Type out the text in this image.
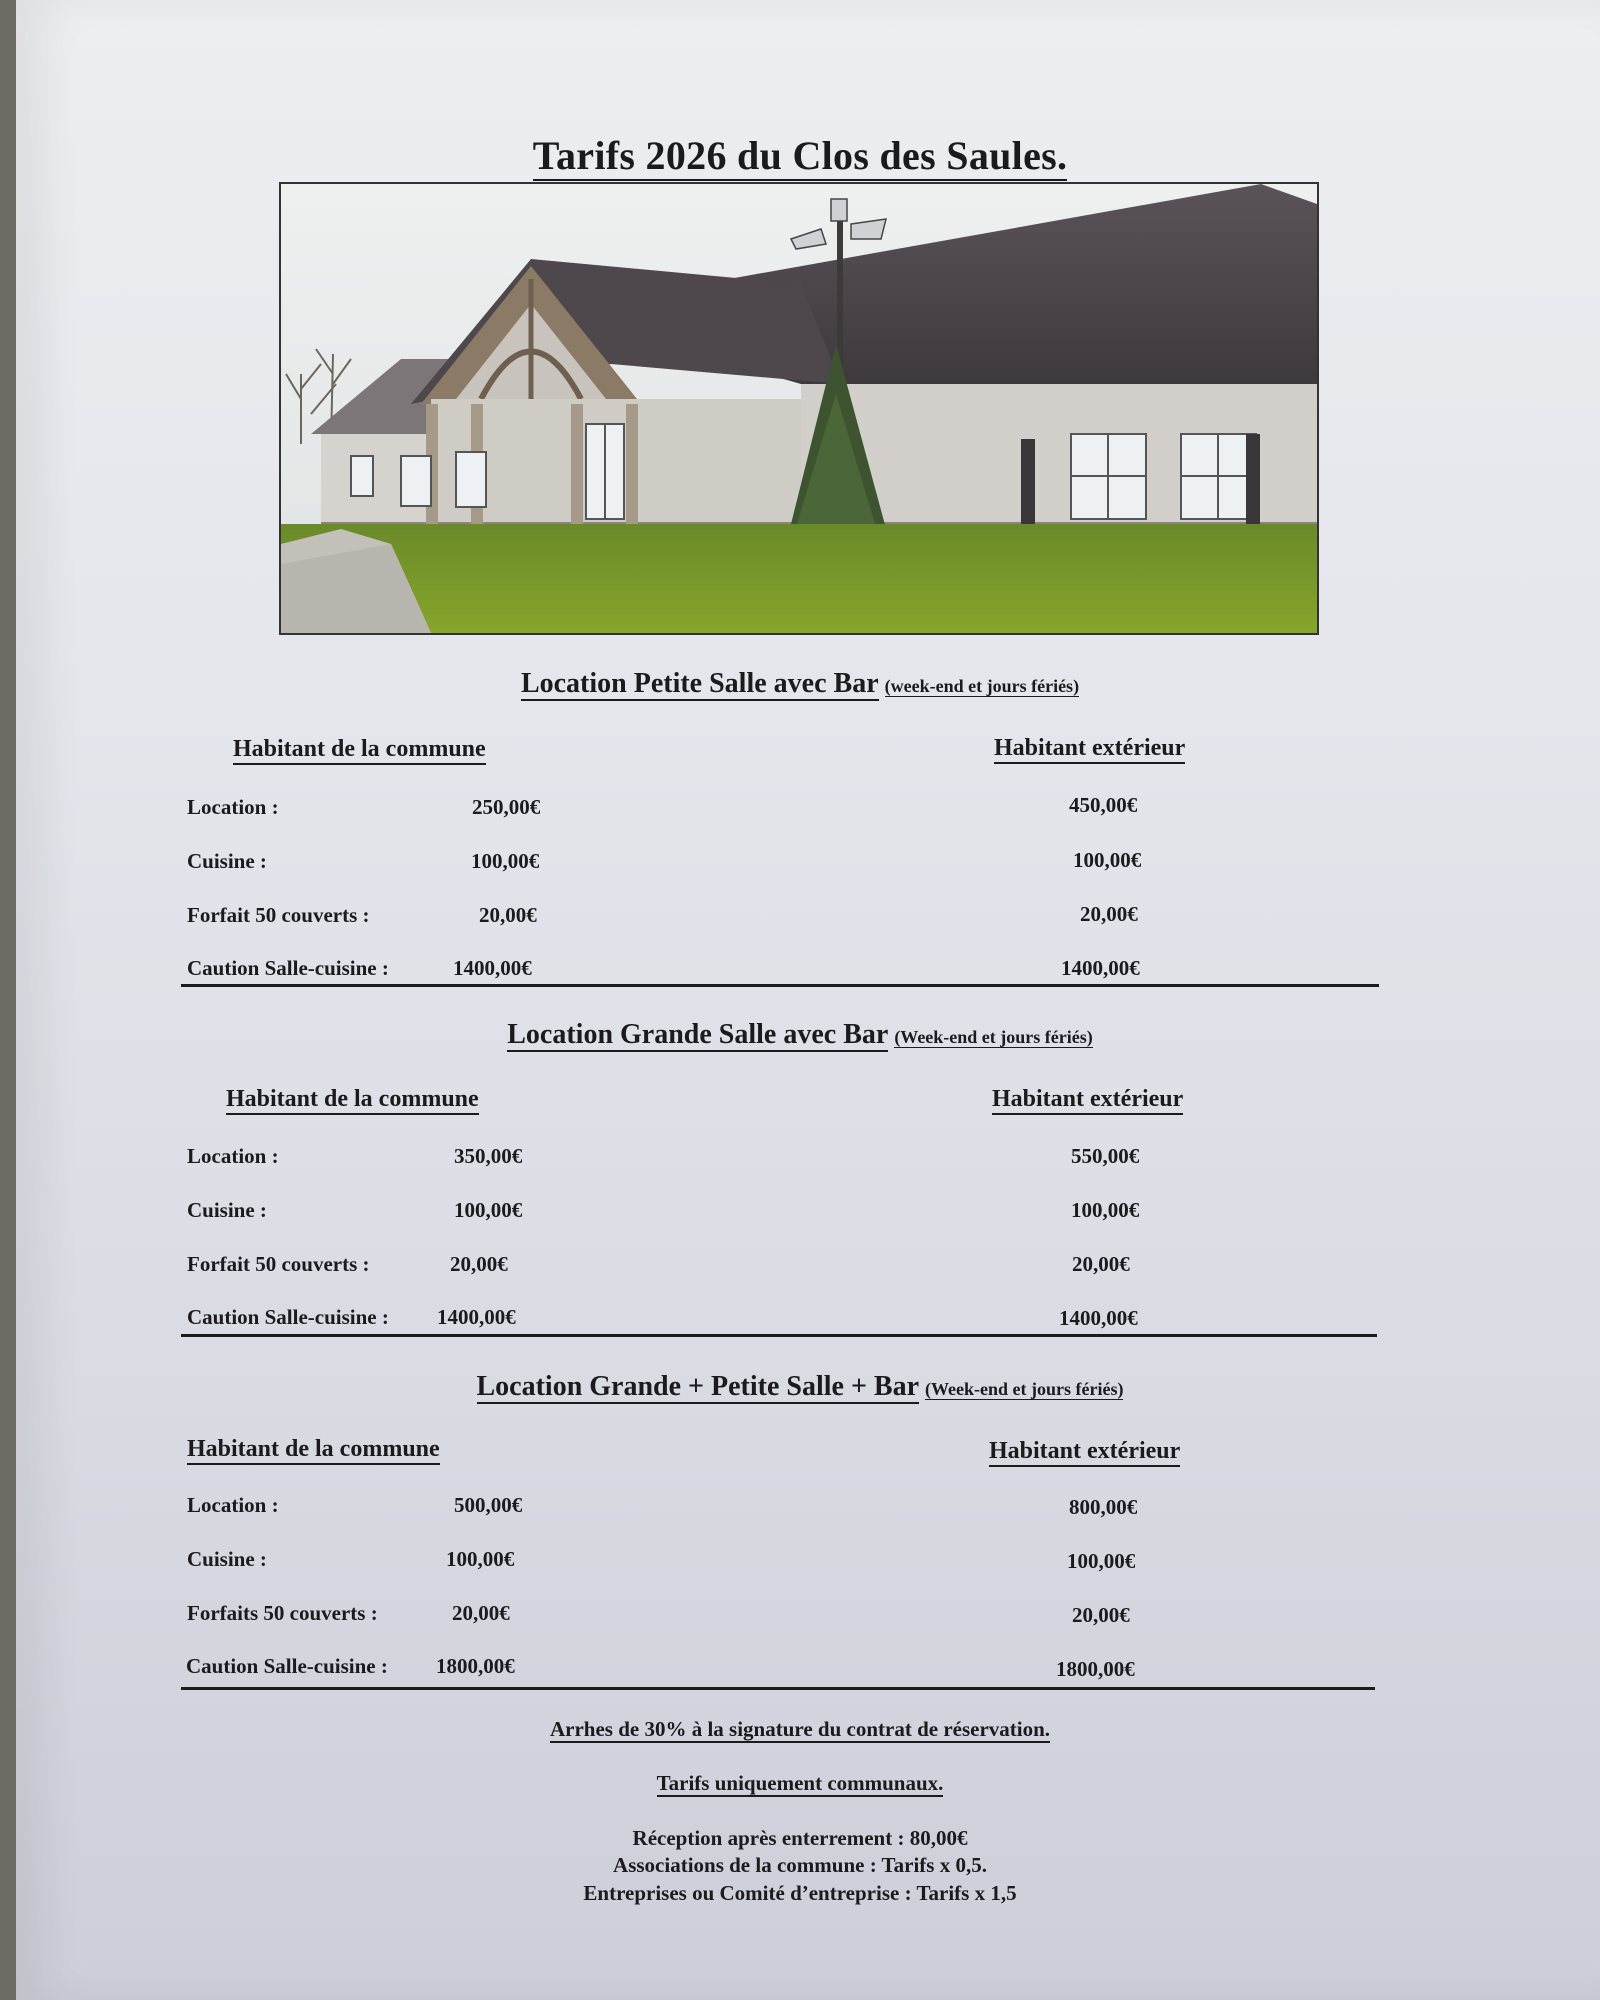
Tarifs 2026 du Clos des Saules.
Location Petite Salle avec Bar (week-end et jours fériés)
Habitant de la commune	Habitant extérieur
Location :	250,00€	450,00€
Cuisine :	100,00€	100,00€
Forfait 50 couverts :	20,00€	20,00€
Caution Salle-cuisine :	1400,00€	1400,00€
Location Grande Salle avec Bar (Week-end et jours fériés)
Habitant de la commune	Habitant extérieur
Location :	350,00€	550,00€
Cuisine :	100,00€	100,00€
Forfait 50 couverts :	20,00€	20,00€
Caution Salle-cuisine : 1400,00€	1400,00€
Location Grande + Petite Salle + Bar (Week-end et jours fériés)
Habitant de la commune	Habitant extérieur
Location :	500,00€	800,00€
Cuisine :	100,00€	100,00€
Forfaits 50 couverts :	20,00€	20,00€
Caution Salle-cuisine : 1800,00€	1800,00€
Arrhes de 30% à la signature du contrat de réservation.
Tarifs uniquement communaux.
Réception après enterrement : 80,00€
Associations de la commune : Tarifs x 0,5.
Entreprises ou Comité d’entreprise : Tarifs x 1,5
